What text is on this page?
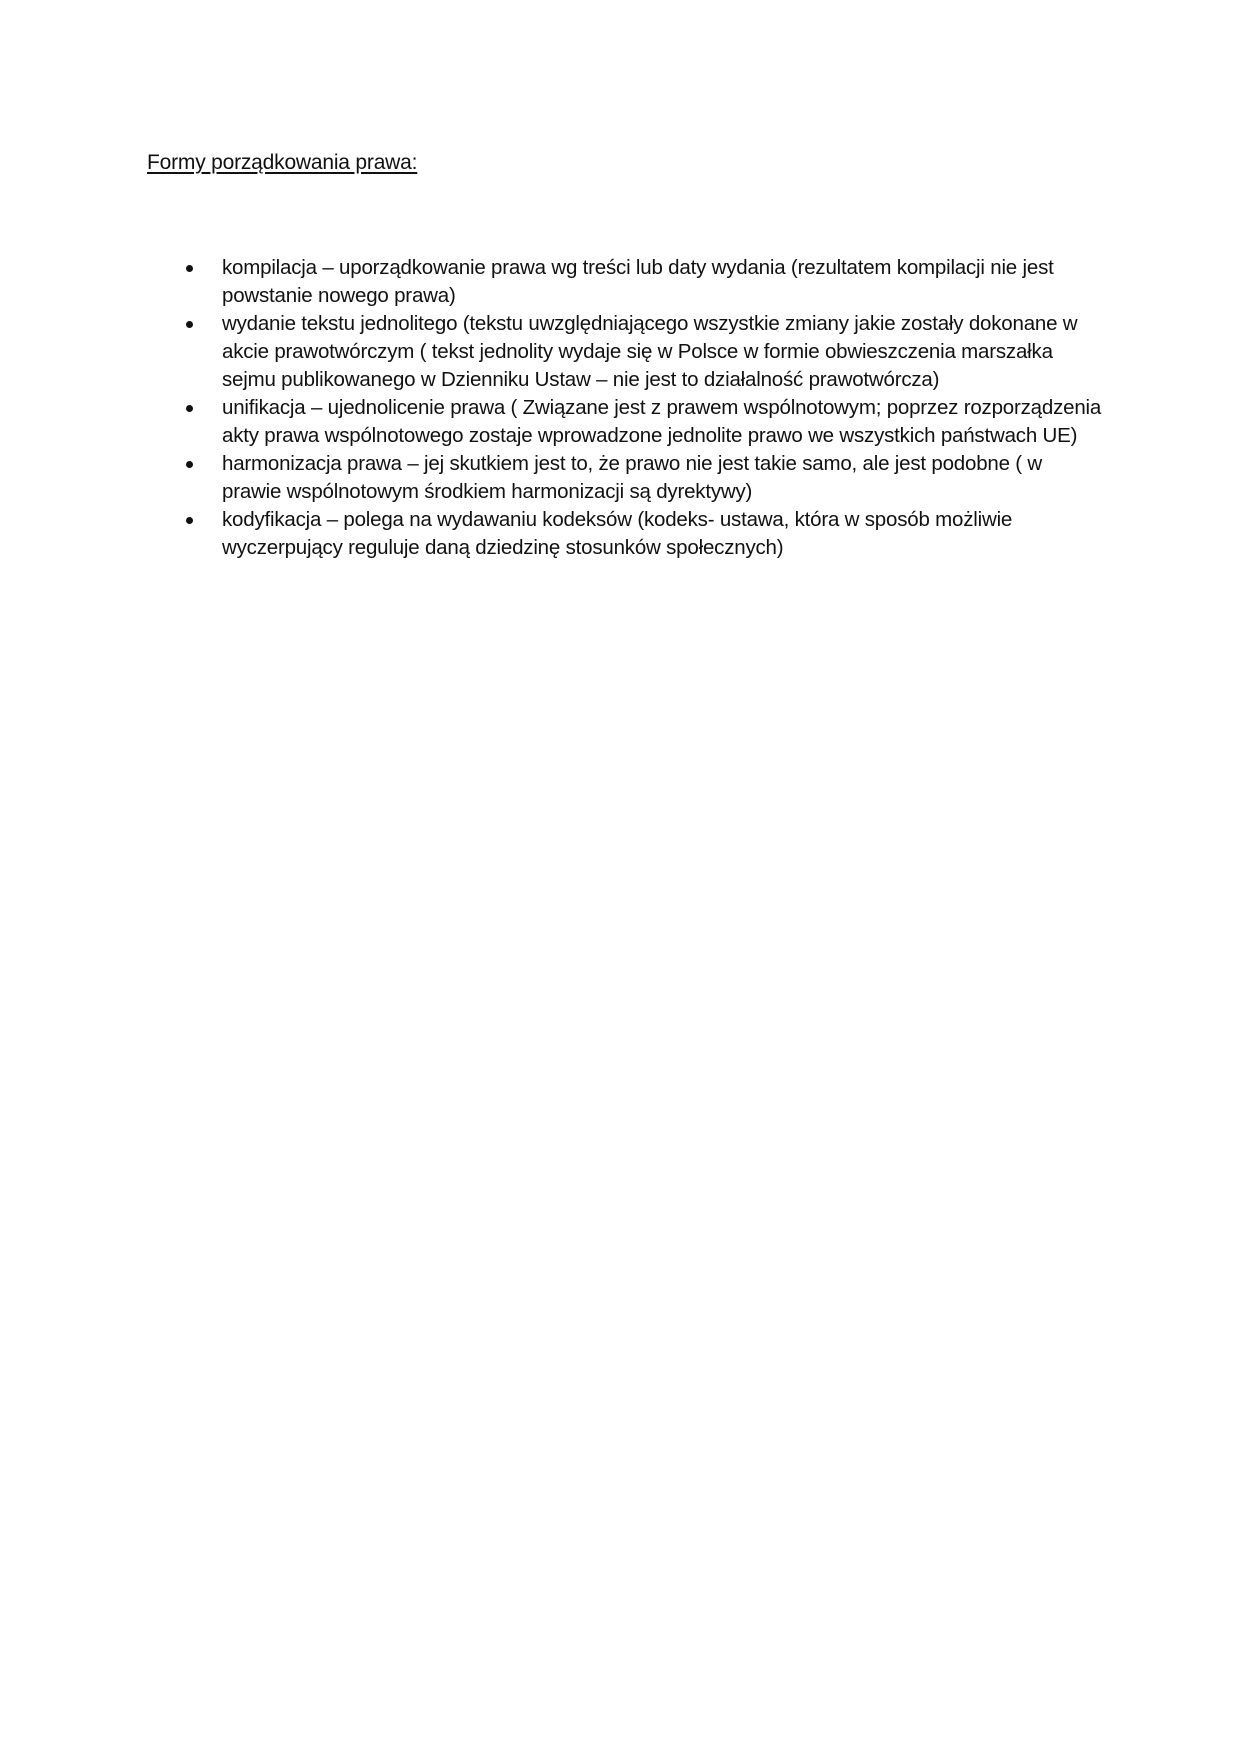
Formy porządkowania prawa:
kompilacja – uporządkowanie prawa wg treści lub daty wydania (rezultatem kompilacji nie jest powstanie nowego prawa)
wydanie tekstu jednolitego (tekstu uwzględniającego wszystkie zmiany jakie zostały dokonane w akcie prawotwórczym ( tekst jednolity wydaje się w Polsce w formie obwieszczenia marszałka sejmu publikowanego w Dzienniku Ustaw – nie jest to działalność prawotwórcza)
unifikacja – ujednolicenie prawa ( Związane jest z prawem wspólnotowym; poprzez rozporządzenia akty prawa wspólnotowego zostaje wprowadzone jednolite prawo we wszystkich państwach UE)
harmonizacja prawa – jej skutkiem jest to, że prawo nie jest takie samo, ale jest podobne ( w prawie wspólnotowym środkiem harmonizacji są dyrektywy)
kodyfikacja – polega na wydawaniu kodeksów (kodeks- ustawa, która w sposób możliwie wyczerpujący reguluje daną dziedzinę stosunków społecznych)
